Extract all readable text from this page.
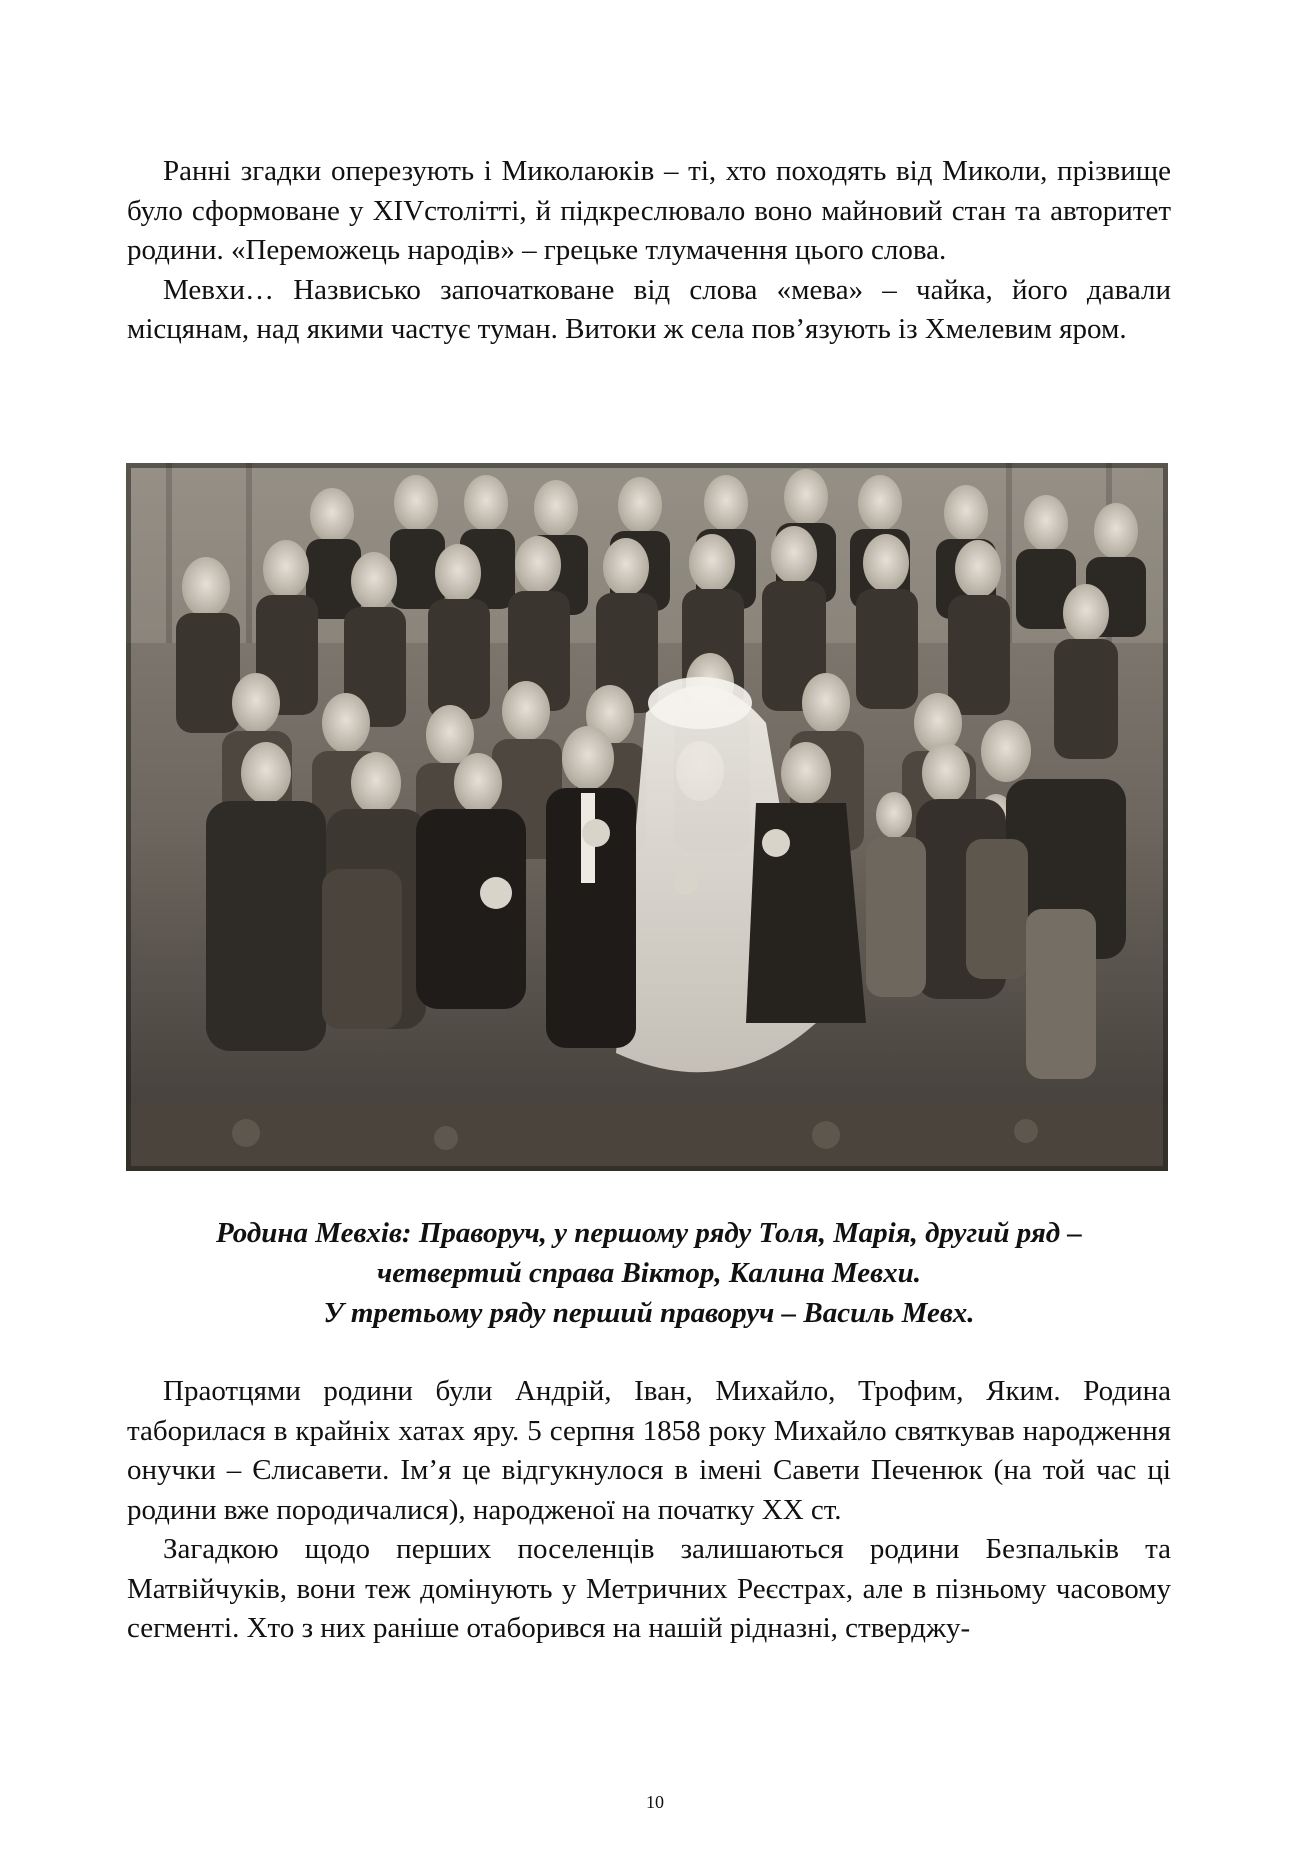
Ранні згадки оперезують і Миколаюків – ті, хто походять від Миколи, прізвище було сформоване у XIVстолітті, й підкреслювало воно майновий стан та авторитет родини. «Переможець народів» – грецьке тлумачення цього слова.

Мевхи… Назвисько започатковане від слова «мева» – чайка, його давали місцянам, над якими частує туман. Витоки ж села пов’язують із Хмелевим яром.

Родина Мевхів: Праворуч, у першому ряду Толя, Марія, другий ряд –
четвертий справа Віктор, Калина Мевхи.
У третьому ряду перший праворуч – Василь Мевх.

Праотцями родини були Андрій, Іван, Михайло, Трофим, Яким. Родина таборилася в крайніх хатах яру. 5 серпня 1858 року Михайло святкував народження онучки – Єлисавети. Ім’я це відгукнулося в імені Савети Печенюк (на той час ці родини вже породичалися), народженої на початку XX ст.

Загадкою щодо перших поселенців залишаються родини Безпальків та Матвійчуків, вони теж домінують у Метричних Реєстрах, але в пізньому часовому сегменті. Хто з них раніше отаборився на нашій рідназні, стверджу-

10
